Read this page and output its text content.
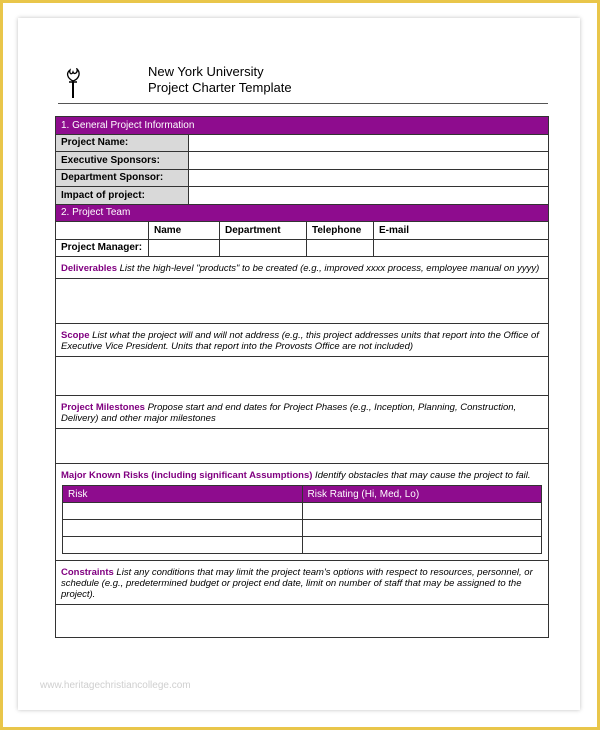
New York University
Project Charter Template
1. General Project Information	
Project Name:	
Executive Sponsors:	
Department Sponsor:	
Impact of project:	
2. Project Team				
	Name	Department	Telephone	E-mail
Project Manager:				
Deliverables List the high-level "products" to be created (e.g., improved xxxx process, employee manual on yyyy)

Scope List what the project will and will not address (e.g., this project addresses units that report into the Office of Executive Vice President. Units that report into the Provosts Office are not included)

Project Milestones Propose start and end dates for Project Phases (e.g., Inception, Planning, Construction, Delivery) and other major milestones

Major Known Risks (including significant Assumptions) Identify obstacles that may cause the project to fail.

Risk	Risk Rating (Hi, Med, Lo)

Constraints List any conditions that may limit the project team's options with respect to resources, personnel, or schedule (e.g., predetermined budget or project end date, limit on number of staff that may be assigned to the project).

www.heritagechristiancollege.com
